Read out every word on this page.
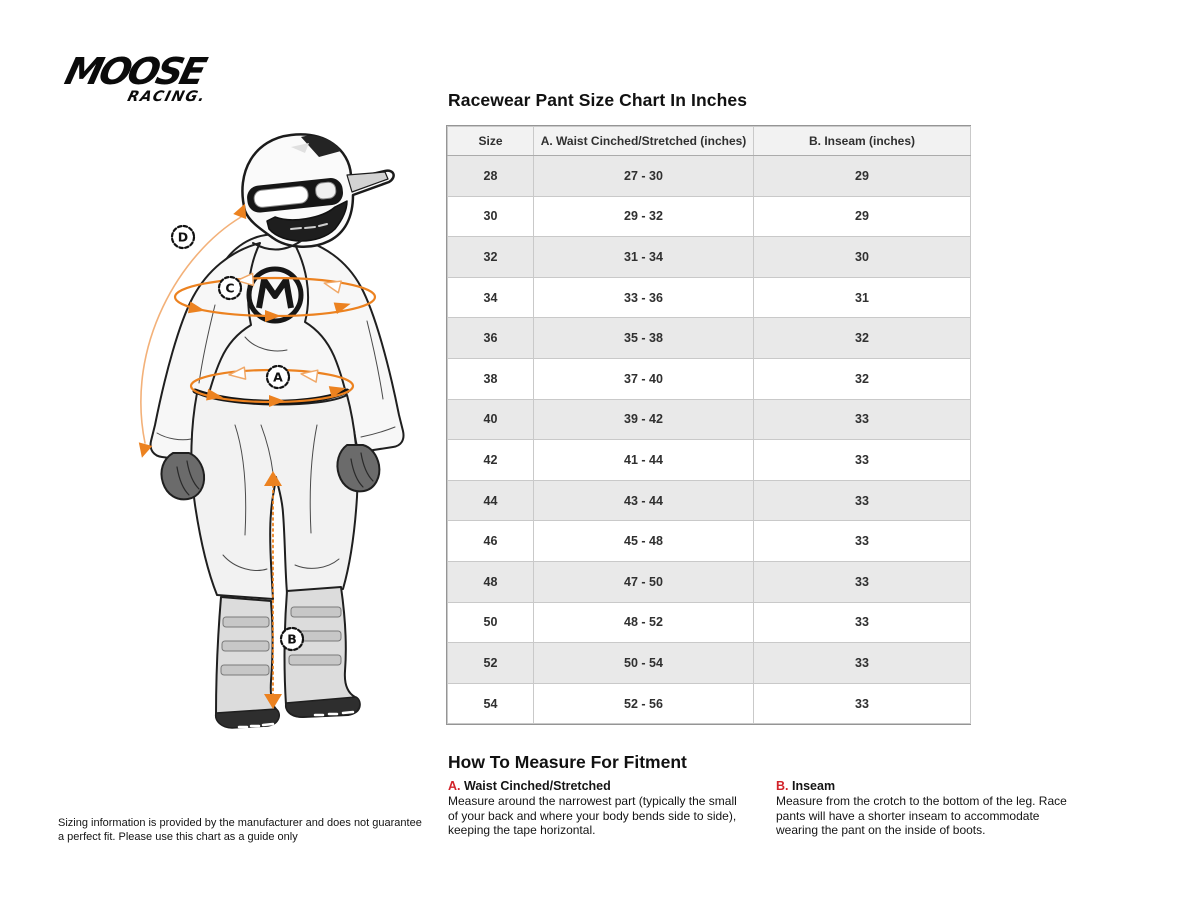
MOOSE
RACING.
D
C
A
B
Racewear Pant Size Chart In Inches
Size	A. Waist Cinched/Stretched (inches)	B. Inseam (inches)
28	27 - 30	29
30	29 - 32	29
32	31 - 34	30
34	33 - 36	31
36	35 - 38	32
38	37 - 40	32
40	39 - 42	33
42	41 - 44	33
44	43 - 44	33
46	45 - 48	33
48	47 - 50	33
50	48 - 52	33
52	50 - 54	33
54	52 - 56	33
How To Measure For Fitment
A. Waist Cinched/Stretched
Measure around the narrowest part (typically the small of your back and where your body bends side to side), keeping the tape horizontal.
B. Inseam
Measure from the crotch to the bottom of the leg. Race pants will have a shorter inseam to accommodate wearing the pant on the inside of boots.
Sizing information is provided by the manufacturer and does not guarantee a perfect fit. Please use this chart as a guide only
